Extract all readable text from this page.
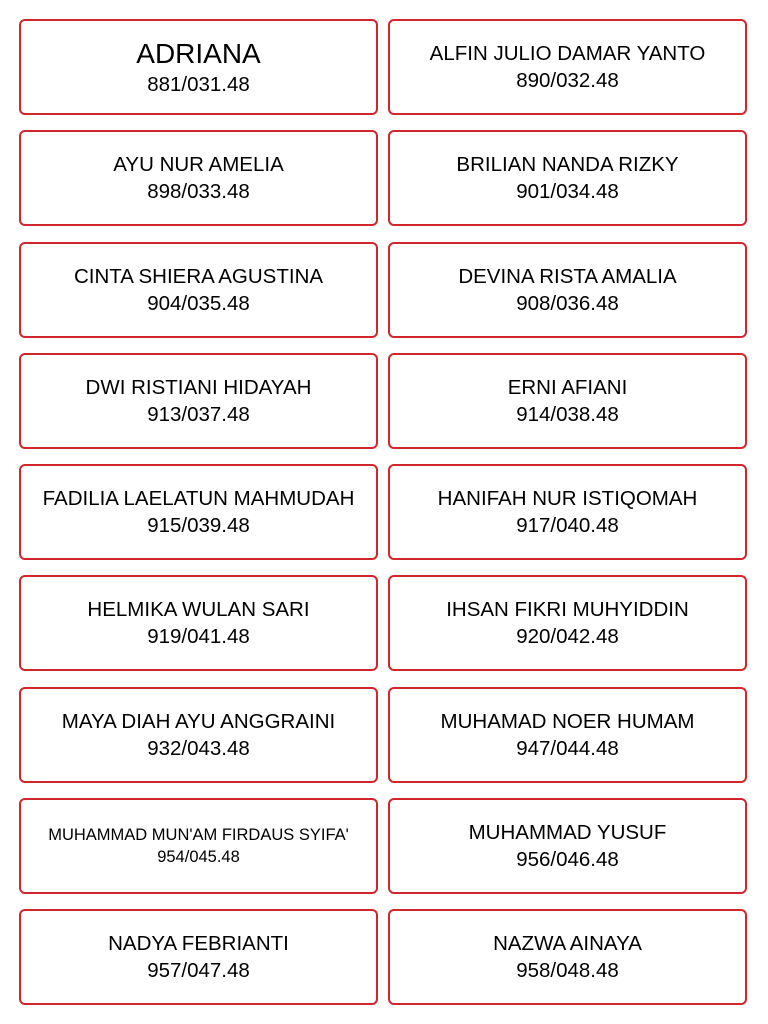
ADRIANA
881/031.48
ALFIN JULIO DAMAR YANTO
890/032.48
AYU NUR AMELIA
898/033.48
BRILIAN NANDA RIZKY
901/034.48
CINTA SHIERA AGUSTINA
904/035.48
DEVINA RISTA AMALIA
908/036.48
DWI RISTIANI HIDAYAH
913/037.48
ERNI AFIANI
914/038.48
FADILIA LAELATUN MAHMUDAH
915/039.48
HANIFAH NUR ISTIQOMAH
917/040.48
HELMIKA WULAN SARI
919/041.48
IHSAN FIKRI MUHYIDDIN
920/042.48
MAYA DIAH AYU ANGGRAINI
932/043.48
MUHAMAD NOER HUMAM
947/044.48
MUHAMMAD MUN'AM FIRDAUS SYIFA'
954/045.48
MUHAMMAD YUSUF
956/046.48
NADYA FEBRIANTI
957/047.48
NAZWA AINAYA
958/048.48
